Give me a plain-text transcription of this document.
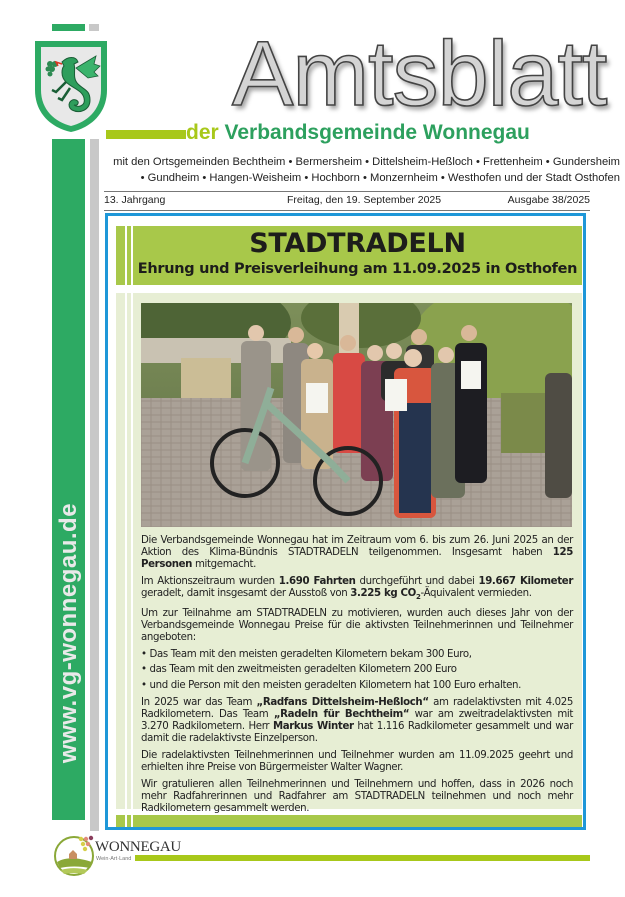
Amtsblatt
der Verbandsgemeinde Wonnegau
mit den Ortsgemeinden Bechtheim • Bermersheim • Dittelsheim-Heßloch • Frettenheim • Gundersheim
• Gundheim • Hangen-Weisheim • Hochborn • Monzernheim • Westhofen und der Stadt Osthofen
13. Jahrgang	Freitag, den 19. September 2025	Ausgabe 38/2025
www.vg-wonnegau.de
STADTRADELN
Ehrung und Preisverleihung am 11.09.2025 in Osthofen

Die Verbandsgemeinde Wonnegau hat im Zeitraum vom 6. bis zum 26. Juni 2025 an der Aktion des Klima-Bündnis STADTRADELN teilgenommen. Insgesamt haben 125 Personen mitgemacht.

Im Aktionszeitraum wurden 1.690 Fahrten durchgeführt und dabei 19.667 Kilometer geradelt, damit insgesamt der Ausstoß von 3.225 kg $CO_2$-Äquivalent vermieden.

Um zur Teilnahme am STADTRADELN zu motivieren, wurden auch dieses Jahr von der Verbandsgemeinde Wonnegau Preise für die aktivsten Teilnehmerinnen und Teilnehmer angeboten:

• Das Team mit den meisten geradelten Kilometern bekam 300 Euro,
• das Team mit den zweitmeisten geradelten Kilometern 200 Euro
• und die Person mit den meisten geradelten Kilometern hat 100 Euro erhalten.

In 2025 war das Team „Radfans Dittelsheim-Heßloch“ am radelaktivsten mit 4.025 Radkilometern. Das Team „Radeln für Bechtheim“ war am zweitradelaktivsten mit 3.270 Radkilometern. Herr Markus Winter hat 1.116 Radkilometer gesammelt und war damit die radelaktivste Einzelperson.

Die radelaktivsten Teilnehmerinnen und Teilnehmer wurden am 11.09.2025 geehrt und erhielten ihre Preise von Bürgermeister Walter Wagner.

Wir gratulieren allen Teilnehmerinnen und Teilnehmern und hoffen, dass in 2026 noch mehr Radfahrerinnen und Radfahrer am STADTRADELN teilnehmen und noch mehr Radkilometern gesammelt werden.

WONNEGAU
Wein·Art·Land
